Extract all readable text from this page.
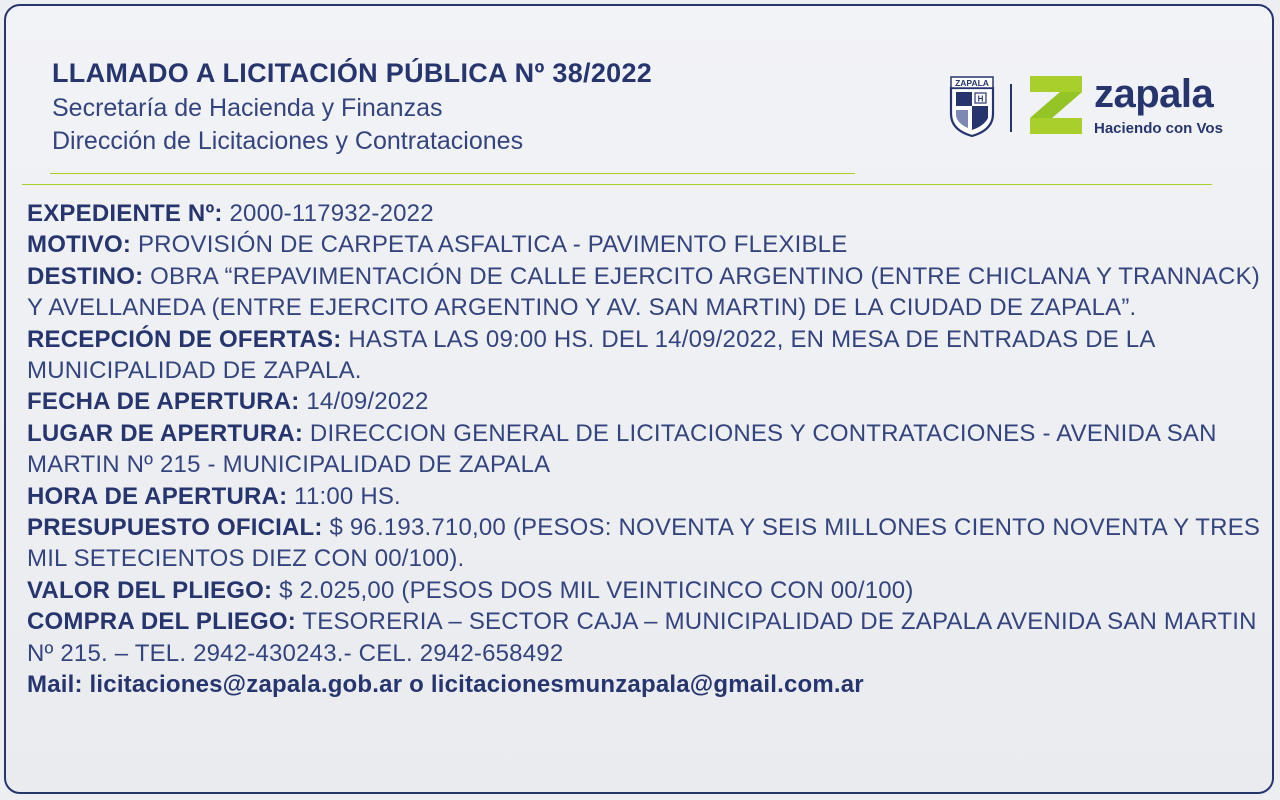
LLAMADO A LICITACIÓN PÚBLICA Nº 38/2022
Secretaría de Hacienda y Finanzas
Dirección de Licitaciones y Contrataciones
ZAPALA
H	zapala
Haciendo con Vos

EXPEDIENTE Nº: 2000-117932-2022

MOTIVO: PROVISIÓN DE CARPETA ASFALTICA - PAVIMENTO FLEXIBLE

DESTINO: OBRA “REPAVIMENTACIÓN DE CALLE EJERCITO ARGENTINO (ENTRE CHICLANA Y TRANNACK) Y AVELLANEDA (ENTRE EJERCITO ARGENTINO Y AV. SAN MARTIN) DE LA CIUDAD DE ZAPALA”.

RECEPCIÓN DE OFERTAS: HASTA LAS 09:00 HS. DEL 14/09/2022, EN MESA DE ENTRADAS DE LA MUNICIPALIDAD DE ZAPALA.

FECHA DE APERTURA: 14/09/2022

LUGAR DE APERTURA: DIRECCION GENERAL DE LICITACIONES Y CONTRATACIONES - AVENIDA SAN MARTIN Nº 215 - MUNICIPALIDAD DE ZAPALA

HORA DE APERTURA: 11:00 HS.

PRESUPUESTO OFICIAL: $ 96.193.710,00 (PESOS: NOVENTA Y SEIS MILLONES CIENTO NOVENTA Y TRES MIL SETECIENTOS DIEZ CON 00/100).

VALOR DEL PLIEGO: $ 2.025,00 (PESOS DOS MIL VEINTICINCO CON 00/100)

COMPRA DEL PLIEGO: TESORERIA – SECTOR CAJA – MUNICIPALIDAD DE ZAPALA AVENIDA SAN MARTIN Nº 215. – TEL. 2942-430243.- CEL. 2942-658492

Mail: licitaciones@zapala.gob.ar o licitacionesmunzapala@gmail.com.ar
